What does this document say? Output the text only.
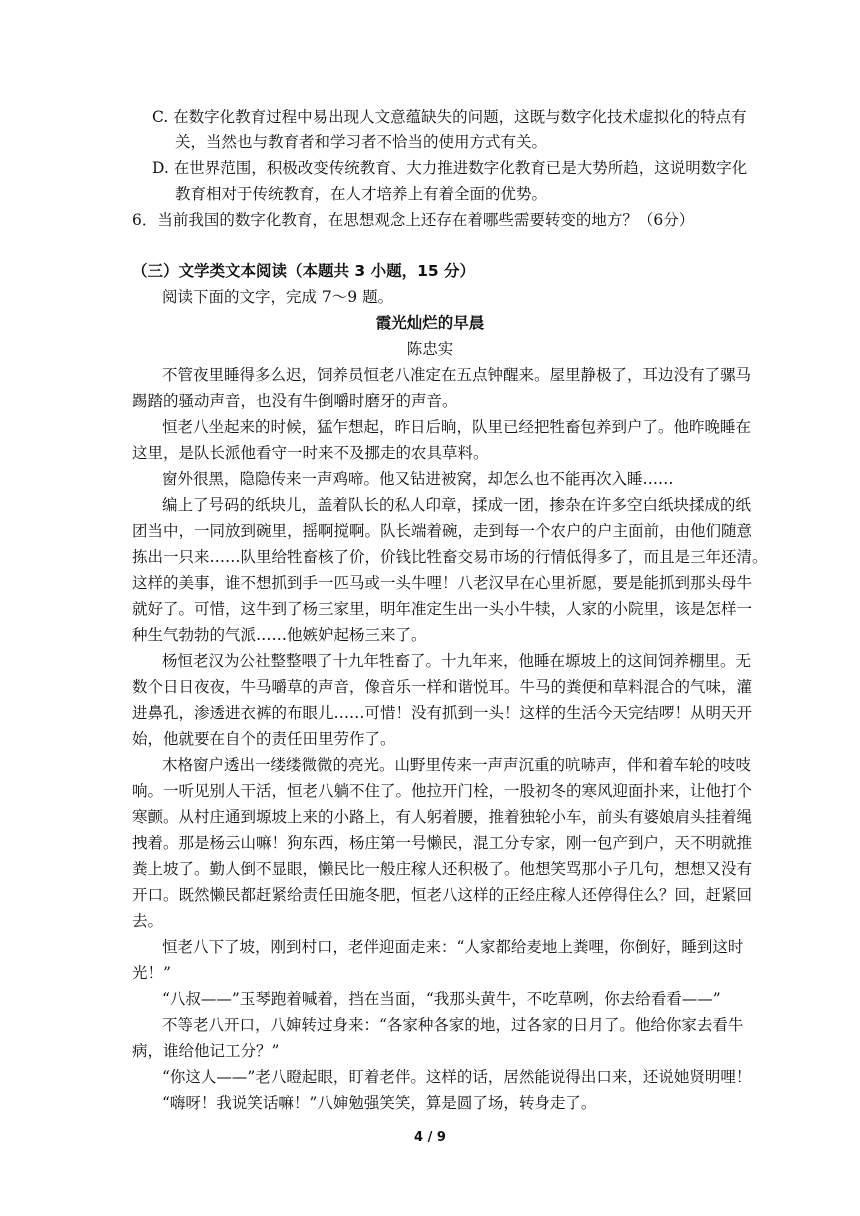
C. 在数字化教育过程中易出现人文意蕴缺失的问题，这既与数字化技术虚拟化的特点有
关，当然也与教育者和学习者不恰当的使用方式有关。
D. 在世界范围，积极改变传统教育、大力推进数字化教育已是大势所趋，这说明数字化
教育相对于传统教育，在人才培养上有着全面的优势。
6．当前我国的数字化教育，在思想观念上还存在着哪些需要转变的地方？（6分）
（三）文学类文本阅读（本题共 3 小题，15 分）
阅读下面的文字，完成 7～9 题。
霞光灿烂的早晨
陈忠实
不管夜里睡得多么迟，饲养员恒老八准定在五点钟醒来。屋里静极了，耳边没有了骡马
踢踏的骚动声音，也没有牛倒嚼时磨牙的声音。
恒老八坐起来的时候，猛乍想起，昨日后晌，队里已经把牲畜包养到户了。他昨晚睡在
这里，是队长派他看守一时来不及挪走的农具草料。
窗外很黑，隐隐传来一声鸡啼。他又钻进被窝，却怎么也不能再次入睡……
编上了号码的纸块儿，盖着队长的私人印章，揉成一团，掺杂在许多空白纸块揉成的纸
团当中，一同放到碗里，摇啊搅啊。队长端着碗，走到每一个农户的户主面前，由他们随意
拣出一只来……队里给牲畜核了价，价钱比牲畜交易市场的行情低得多了，而且是三年还清。
这样的美事，谁不想抓到手一匹马或一头牛哩！八老汉早在心里祈愿，要是能抓到那头母牛
就好了。可惜，这牛到了杨三家里，明年准定生出一头小牛犊，人家的小院里，该是怎样一
种生气勃勃的气派……他嫉妒起杨三来了。
杨恒老汉为公社整整喂了十九年牲畜了。十九年来，他睡在塬坡上的这间饲养棚里。无
数个日日夜夜，牛马嚼草的声音，像音乐一样和谐悦耳。牛马的粪便和草料混合的气味，灌
进鼻孔，渗透进衣裤的布眼儿……可惜！没有抓到一头！这样的生活今天完结啰！从明天开
始，他就要在自个的责任田里劳作了。
木格窗户透出一缕缕微微的亮光。山野里传来一声声沉重的吭哧声，伴和着车轮的吱吱
响。一听见别人干活，恒老八躺不住了。他拉开门栓，一股初冬的寒风迎面扑来，让他打个
寒颤。从村庄通到塬坡上来的小路上，有人躬着腰，推着独轮小车，前头有婆娘肩头挂着绳
拽着。那是杨云山嘛！狗东西，杨庄第一号懒民，混工分专家，刚一包产到户，天不明就推
粪上坡了。勤人倒不显眼，懒民比一般庄稼人还积极了。他想笑骂那小子几句，想想又没有
开口。既然懒民都赶紧给责任田施冬肥，恒老八这样的正经庄稼人还停得住么？回，赶紧回
去。
恒老八下了坡，刚到村口，老伴迎面走来：“人家都给麦地上粪哩，你倒好，睡到这时
光！”
“八叔——”玉琴跑着喊着，挡在当面，“我那头黄牛，不吃草咧，你去给看看——”
不等老八开口，八婶转过身来：“各家种各家的地，过各家的日月了。他给你家去看牛
病，谁给他记工分？”
“你这人——”老八瞪起眼，盯着老伴。这样的话，居然能说得出口来，还说她贤明哩！
“嗨呀！我说笑话嘛！”八婶勉强笑笑，算是圆了场，转身走了。
4 / 9
